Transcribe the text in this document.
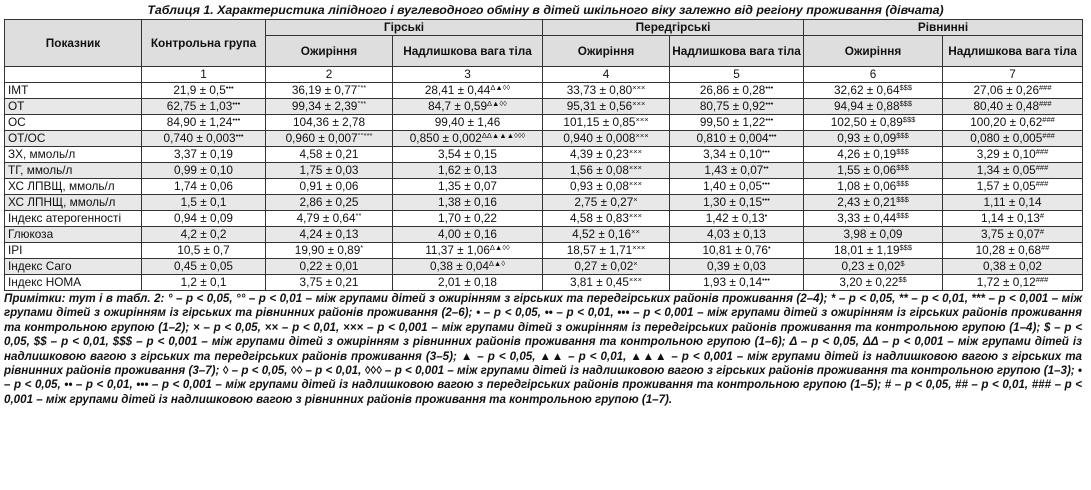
Таблиця 1. Характеристика ліпідного і вуглеводного обміну в дітей шкільного віку залежно від регіону проживання (дівчата)
Показник	Контрольна група	Гірські		Передгірські		Рівнинні	
		Ожиріння	Надлишкова вага тіла	Ожиріння	Надлишкова вага тіла	Ожиріння	Надлишкова вага тіла
	1	2	3	4	5	6	7
ІМТ	21,9 ± 0,5•••	36,19 ± 0,77°**	$28,41 \pm 0,44^{\Delta▲◊◊}$	33,73 ± 0,80×××	26,86 ± 0,28•••	32,62 ± 0,64$$$	27,06 ± 0,26###
ОТ	62,75 ± 1,03•••	99,34 ± 2,39°**	$84,7 \pm 0,59^{\Delta▲◊◊}$	95,31 ± 0,56×××	80,75 ± 0,92•••	94,94 ± 0,88$$$	80,40 ± 0,48###
ОС	84,90 ± 1,24•••	104,36 ± 2,78	99,40 ± 1,46	101,15 ± 0,85×××	99,50 ± 1,22•••	102,50 ± 0,89$$$	100,20 ± 0,62###
ОТ/ОС	0,740 ± 0,003•••	0,960 ± 0,007°°***	$0,850 \pm 0,002^{\Delta\Delta▲▲▲◊◊◊}$	0,940 ± 0,008×××	0,810 ± 0,004•••	0,93 ± 0,09$$$	0,080 ± 0,005###
ЗХ, ммоль/л	3,37 ± 0,19	4,58 ± 0,21	3,54 ± 0,15	4,39 ± 0,23×××	3,34 ± 0,10•••	4,26 ± 0,19$$$	3,29 ± 0,10###
ТГ, ммоль/л	0,99 ± 0,10	1,75 ± 0,03	1,62 ± 0,13	1,56 ± 0,08×××	1,43 ± 0,07••	1,55 ± 0,06$$$	1,34 ± 0,05###
ХС ЛПВЩ, ммоль/л	1,74 ± 0,06	0,91 ± 0,06	1,35 ± 0,07	0,93 ± 0,08×××	1,40 ± 0,05•••	1,08 ± 0,06$$$	1,57 ± 0,05###
ХС ЛПНЩ, ммоль/л	1,5 ± 0,1	2,86 ± 0,25	1,38 ± 0,16	2,75 ± 0,27×	1,30 ± 0,15•••	2,43 ± 0,21$$$	1,11 ± 0,14
Індекс атерогенності	0,94 ± 0,09	4,79 ± 0,64**	1,70 ± 0,22	4,58 ± 0,83×××	1,42 ± 0,13•	3,33 ± 0,44$$$	1,14 ± 0,13#
Глюкоза	4,2 ± 0,2	4,24 ± 0,13	4,00 ± 0,16	4,52 ± 0,16××	4,03 ± 0,13	3,98 ± 0,09	3,75 ± 0,07#
IPI	10,5 ± 0,7	19,90 ± 0,89*	$11,37 \pm 1,06^{\Delta▲◊◊}$	18,57 ± 1,71×××	10,81 ± 0,76•	18,01 ± 1,19$$$	10,28 ± 0,68##
Індекс Саго	0,45 ± 0,05	0,22 ± 0,01	$0,38 \pm 0,04^{\Delta▲◊}$	0,27 ± 0,02×	0,39 ± 0,03	0,23 ± 0,02$	0,38 ± 0,02
Індекс НОМА	1,2 ± 0,1	3,75 ± 0,21	2,01 ± 0,18	3,81 ± 0,45×××	1,93 ± 0,14•••	3,20 ± 0,22$$	1,72 ± 0,12###
Примітки: тут і в табл. 2: ° – р < 0,05, °° – р < 0,01 – між групами дітей з ожирінням з гірських та передгірських районів проживання (2–4); * – р < 0,05, ** – р < 0,01, *** – р < 0,001 – між групами дітей з ожирінням із гірських та рівнинних районів проживання (2–6); • – р < 0,05, •• – р < 0,01, ••• – р < 0,001 – між групами дітей з ожирінням із гірських районів проживання та контрольною групою (1–2); × – р < 0,05, ×× – р < 0,01, ××× – р < 0,001 – між групами дітей з ожирінням із передгірських районів проживання та контрольною групою (1–4); $ – р < 0,05, $$ – р < 0,01, $$$ – р < 0,001 – між групами дітей з ожирінням з рівнинних районів проживання та контрольною групою (1–6); Δ – р < 0,05, ΔΔ – р < 0,001 – між групами дітей із надлишковою вагою з гірських та передгірських районів проживання (3–5); ▲ – р < 0,05, ▲▲ – р < 0,01, ▲▲▲ – р < 0,001 – між групами дітей із надлишковою вагою з гірських та рівнинних районів проживання (3–7); ◊ – р < 0,05, ◊◊ – р < 0,01, ◊◊◊ – р < 0,001 – між групами дітей із надлишковою вагою з гірських районів проживання та контрольною групою (1–3); • – р < 0,05, •• – р < 0,01, ••• – р < 0,001 – між групами дітей із надлишковою вагою з передгірських районів проживання та контрольною групою (1–5); # – р < 0,05, ## – р < 0,01, ### – р < 0,001 – між групами дітей із надлишковою вагою з рівнинних районів проживання та контрольною групою (1–7).
